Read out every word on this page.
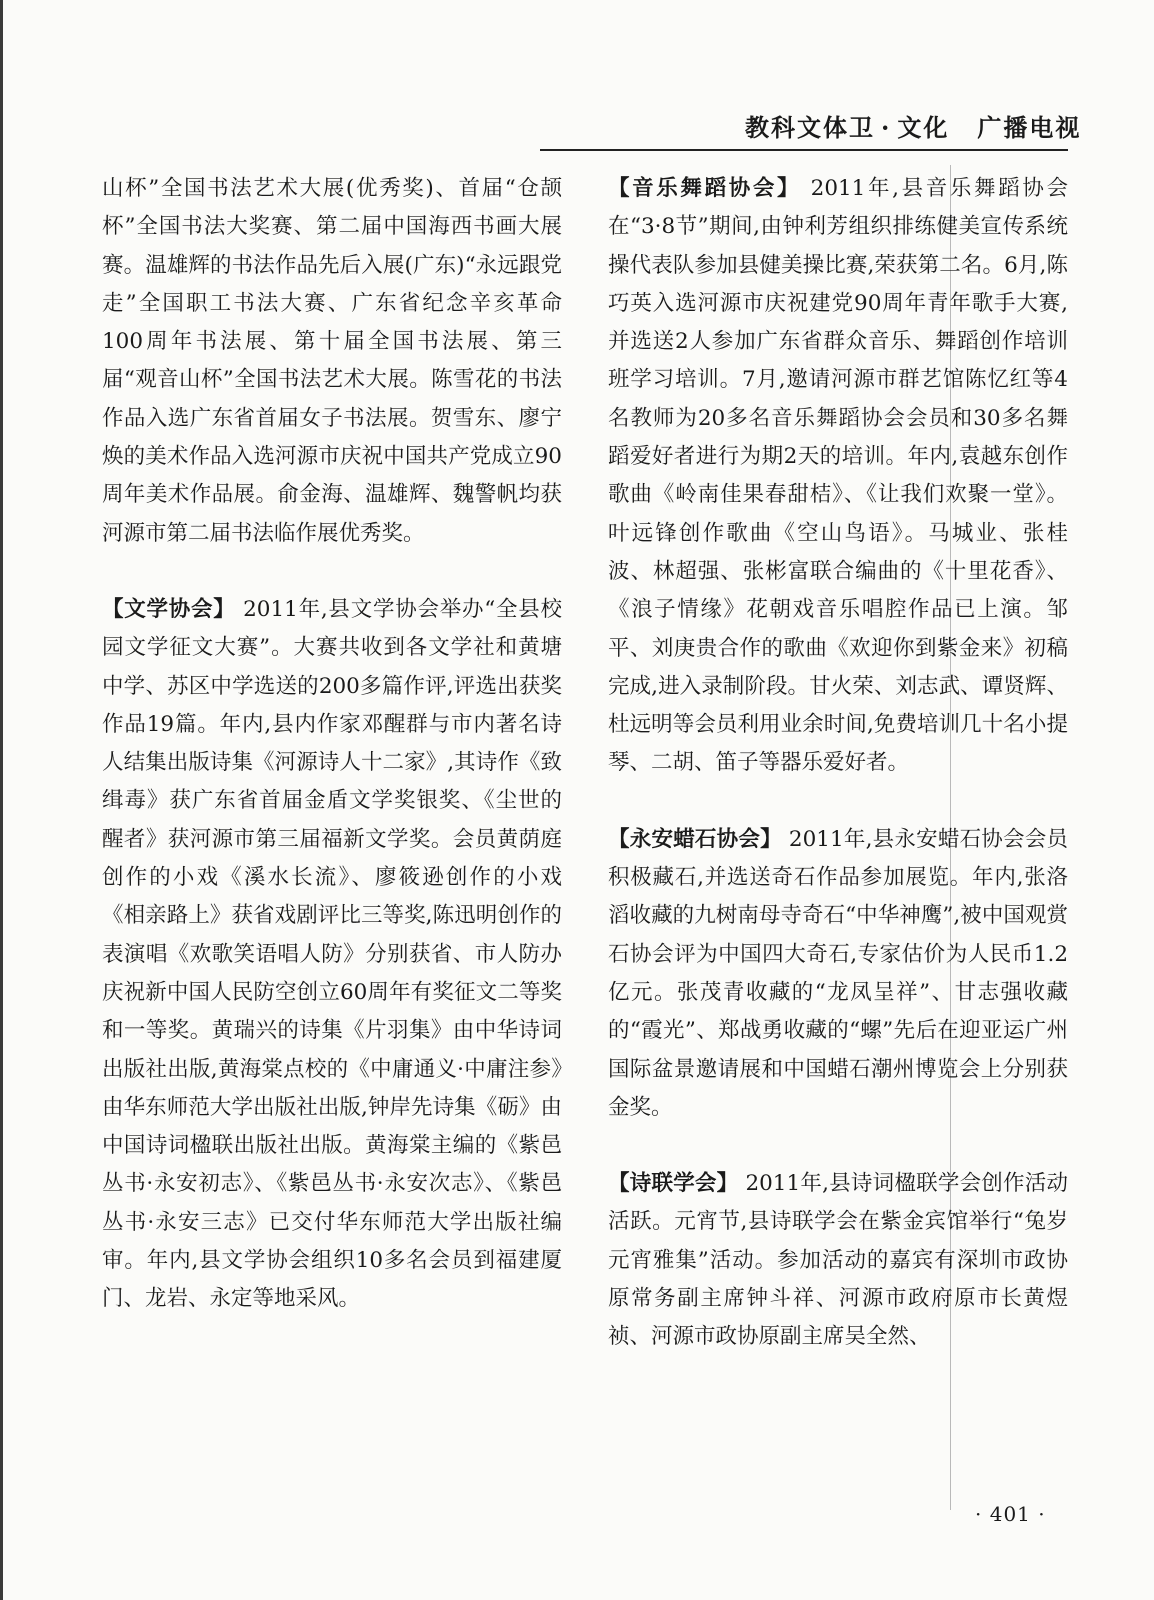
教科文体卫 · 文化 广播电视

山杯”全国书法艺术大展(优秀奖)、首届“仓颉杯”全国书法大奖赛、第二届中国海西书画大展赛。温雄辉的书法作品先后入展(广东)“永远跟党走”全国职工书法大赛、广东省纪念辛亥革命100周年书法展、第十届全国书法展、第三届“观音山杯”全国书法艺术大展。陈雪花的书法作品入选广东省首届女子书法展。贺雪东、廖宁焕的美术作品入选河源市庆祝中国共产党成立90周年美术作品展。俞金海、温雄辉、魏警帆均获河源市第二届书法临作展优秀奖。

【文学协会】 2011年,县文学协会举办“全县校园文学征文大赛”。大赛共收到各文学社和黄塘中学、苏区中学选送的200多篇作评,评选出获奖作品19篇。年内,县内作家邓醒群与市内著名诗人结集出版诗集《河源诗人十二家》,其诗作《致缉毒》获广东省首届金盾文学奖银奖、《尘世的醒者》获河源市第三届福新文学奖。会员黄荫庭创作的小戏《溪水长流》、廖筱逊创作的小戏《相亲路上》获省戏剧评比三等奖,陈迅明创作的表演唱《欢歌笑语唱人防》分别获省、市人防办庆祝新中国人民防空创立60周年有奖征文二等奖和一等奖。黄瑞兴的诗集《片羽集》由中华诗词出版社出版,黄海棠点校的《中庸通义·中庸注参》由华东师范大学出版社出版,钟岸先诗集《砺》由中国诗词楹联出版社出版。黄海棠主编的《紫邑丛书·永安初志》、《紫邑丛书·永安次志》、《紫邑丛书·永安三志》已交付华东师范大学出版社编审。年内,县文学协会组织10多名会员到福建厦门、龙岩、永定等地采风。

【音乐舞蹈协会】 2011年,县音乐舞蹈协会在“3·8节”期间,由钟利芳组织排练健美宣传系统操代表队参加县健美操比赛,荣获第二名。6月,陈巧英入选河源市庆祝建党90周年青年歌手大赛,并选送2人参加广东省群众音乐、舞蹈创作培训班学习培训。7月,邀请河源市群艺馆陈忆红等4名教师为20多名音乐舞蹈协会会员和30多名舞蹈爱好者进行为期2天的培训。年内,袁越东创作歌曲《岭南佳果春甜桔》、《让我们欢聚一堂》。叶远锋创作歌曲《空山鸟语》。马城业、张桂波、林超强、张彬富联合编曲的《十里花香》、《浪子情缘》花朝戏音乐唱腔作品已上演。邹平、刘庚贵合作的歌曲《欢迎你到紫金来》初稿完成,进入录制阶段。甘火荣、刘志武、谭贤辉、杜远明等会员利用业余时间,免费培训几十名小提琴、二胡、笛子等器乐爱好者。

【永安蜡石协会】 2011年,县永安蜡石协会会员积极藏石,并选送奇石作品参加展览。年内,张洛滔收藏的九树南母寺奇石“中华神鹰”,被中国观赏石协会评为中国四大奇石,专家估价为人民币1.2亿元。张茂青收藏的“龙凤呈祥”、甘志强收藏的“霞光”、郑战勇收藏的“螺”先后在迎亚运广州国际盆景邀请展和中国蜡石潮州博览会上分别获金奖。

【诗联学会】 2011年,县诗词楹联学会创作活动活跃。元宵节,县诗联学会在紫金宾馆举行“兔岁元宵雅集”活动。参加活动的嘉宾有深圳市政协原常务副主席钟斗祥、河源市政府原市长黄煜祯、河源市政协原副主席吴全然、

· 401 ·
